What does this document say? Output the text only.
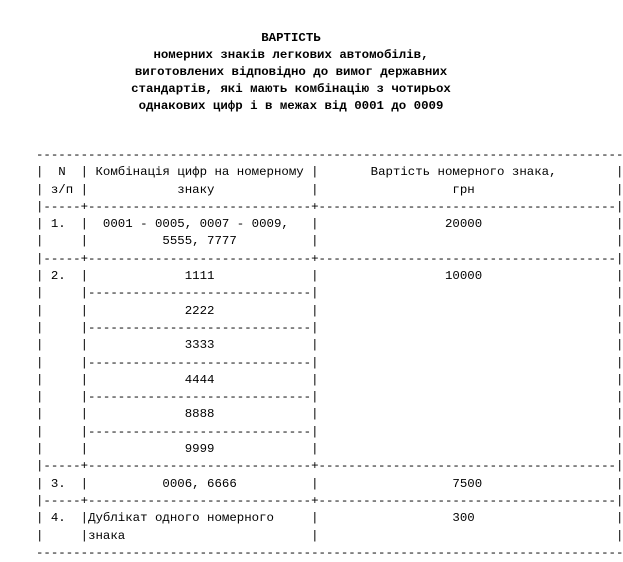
ВАРТІСТЬ
номерних знаків легкових автомобілів,
виготовлених відповідно до вимог державних
стандартів, які мають комбінацію з чотирьох
однакових цифр і в межах від 0001 до 0009
-------------------------------------------------------------------------------
|  N  | Комбінація цифр на номерному |       Вартість номерного знака,        |
| з/п |            знаку             |                  грн                   |
|-----+------------------------------+----------------------------------------|
| 1.  |  0001 - 0005, 0007 - 0009,   |                 20000                  |
|	|          5555, 7777          |	|
|-----+------------------------------+----------------------------------------|
| 2.  |             1111             |                 10000                  |
|     |------------------------------|                                        |
|	|             2222             |	|
|     |------------------------------|                                        |
|	|             3333             |	|
|     |------------------------------|                                        |
|	|             4444             |	|
|     |------------------------------|                                        |
|	|             8888             |	|
|     |------------------------------|                                        |
|	|             9999             |	|
|-----+------------------------------+----------------------------------------|
| 3.  |          0006, 6666          |                  7500                  |
|-----+------------------------------+----------------------------------------|
| 4.  |Дублікат одного номерного     |                  300                   |
|	|знака                         |	|
-------------------------------------------------------------------------------
